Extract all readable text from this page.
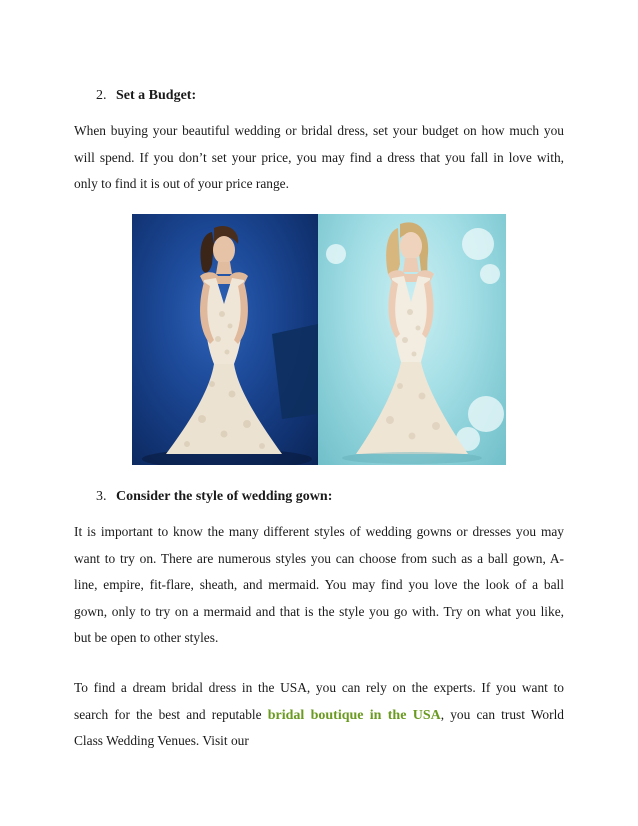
2. Set a Budget:
When buying your beautiful wedding or bridal dress, set your budget on how much you
will spend. If you don’t set your price, you may find a dress that you fall in love with,
only to find it is out of your price range.
3. Consider the style of wedding gown:
It is important to know the many different styles of wedding gowns or dresses you may
want to try on. There are numerous styles you can choose from such as a ball gown, A-
line, empire, fit-flare, sheath, and mermaid. You may find you love the look of a ball
gown, only to try on a mermaid and that is the style you go with. Try on what you like,
but be open to other styles.
To find a dream bridal dress in the USA, you can rely on the experts. If you want to
search for the best and reputable bridal boutique in the USA, you can trust World
Class Wedding Venues. Visit our
